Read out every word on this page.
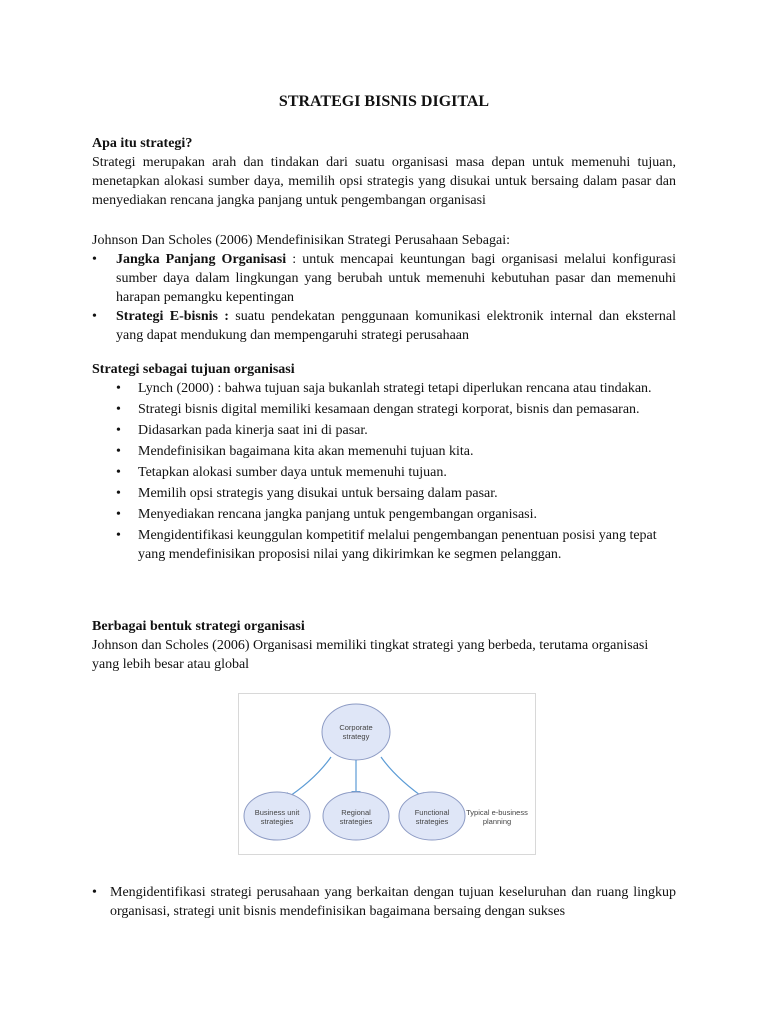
STRATEGI BISNIS DIGITAL
Apa itu strategi?
Strategi merupakan arah dan tindakan dari suatu organisasi masa depan untuk memenuhi tujuan, menetapkan alokasi sumber daya, memilih opsi strategis yang disukai untuk bersaing dalam pasar dan menyediakan rencana jangka panjang untuk pengembangan organisasi
Johnson Dan Scholes (2006) Mendefinisikan Strategi Perusahaan Sebagai:
• Jangka Panjang Organisasi : untuk mencapai keuntungan bagi organisasi melalui konfigurasi sumber daya dalam lingkungan yang berubah untuk memenuhi kebutuhan pasar dan memenuhi harapan pemangku kepentingan
• Strategi E-bisnis : suatu pendekatan penggunaan komunikasi elektronik internal dan eksternal yang dapat mendukung dan mempengaruhi strategi perusahaan
Strategi sebagai tujuan organisasi
• Lynch (2000) : bahwa tujuan saja bukanlah strategi tetapi diperlukan rencana atau tindakan.
• Strategi bisnis digital memiliki kesamaan dengan strategi korporat, bisnis dan pemasaran.
• Didasarkan pada kinerja saat ini di pasar.
• Mendefinisikan bagaimana kita akan memenuhi tujuan kita.
• Tetapkan alokasi sumber daya untuk memenuhi tujuan.
• Memilih opsi strategis yang disukai untuk bersaing dalam pasar.
• Menyediakan rencana jangka panjang untuk pengembangan organisasi.
• Mengidentifikasi keunggulan kompetitif melalui pengembangan penentuan posisi yang tepat yang mendefinisikan proposisi nilai yang dikirimkan ke segmen pelanggan.
Berbagai bentuk strategi organisasi
Johnson dan Scholes (2006) Organisasi memiliki tingkat strategi yang berbeda, terutama organisasi yang lebih besar atau global
Corporate
strategy
Business unit
strategies
Regional
strategies
Functional
strategies
Typical e-business
planning
• Mengidentifikasi strategi perusahaan yang berkaitan dengan tujuan keseluruhan dan ruang lingkup organisasi, strategi unit bisnis mendefinisikan bagaimana bersaing dengan sukses
